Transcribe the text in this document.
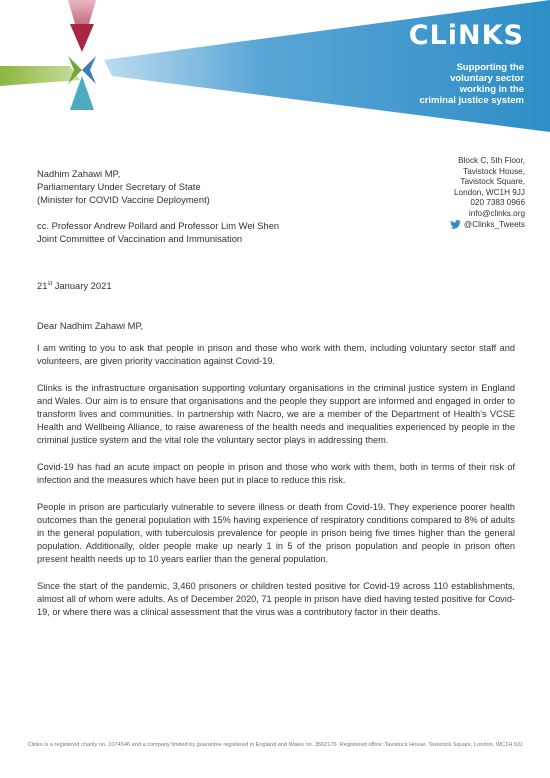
CLiNKS
Supporting the
voluntary sector
working in the
criminal justice system
Nadhim Zahawi MP,
Parliamentary Under Secretary of State
(Minister for COVID Vaccine Deployment)
cc. Professor Andrew Pollard and Professor Lim Wei Shen
Joint Committee of Vaccination and Immunisation
Block C, 5th Floor,
Tavistock House,
Tavistock Square,
London, WC1H 9JJ
020 7383 0966
info@clinks.org
@Clinks_Tweets
21st January 2021
Dear Nadhim Zahawi MP,

I am writing to you to ask that people in prison and those who work with them, including voluntary sector staff and volunteers, are given priority vaccination against Covid-19.

Clinks is the infrastructure organisation supporting voluntary organisations in the criminal justice system in England and Wales. Our aim is to ensure that organisations and the people they support are informed and engaged in order to transform lives and communities. In partnership with Nacro, we are a member of the Department of Health’s VCSE Health and Wellbeing Alliance, to raise awareness of the health needs and inequalities experienced by people in the criminal justice system and the vital role the voluntary sector plays in addressing them.

Covid-19 has had an acute impact on people in prison and those who work with them, both in terms of their risk of infection and the measures which have been put in place to reduce this risk.

People in prison are particularly vulnerable to severe illness or death from Covid-19. They experience poorer health outcomes than the general population with 15% having experience of respiratory conditions compared to 8% of adults in the general population, with tuberculosis prevalence for people in prison being five times higher than the general population. Additionally, older people make up nearly 1 in 5 of the prison population and people in prison often present health needs up to 10 years earlier than the general population.

Since the start of the pandemic, 3,460 prisoners or children tested positive for Covid-19 across 110 establishments, almost all of whom were adults. As of December 2020, 71 people in prison have died having tested positive for Covid-19, or where there was a clinical assessment that the virus was a contributory factor in their deaths.

Clinks is a registered charity no. 1074546 and a company limited by guarantee registered in England and Wales no. 3562176. Registered office: Tavistock House, Tavistock Square, London, WC1H 9JJ
